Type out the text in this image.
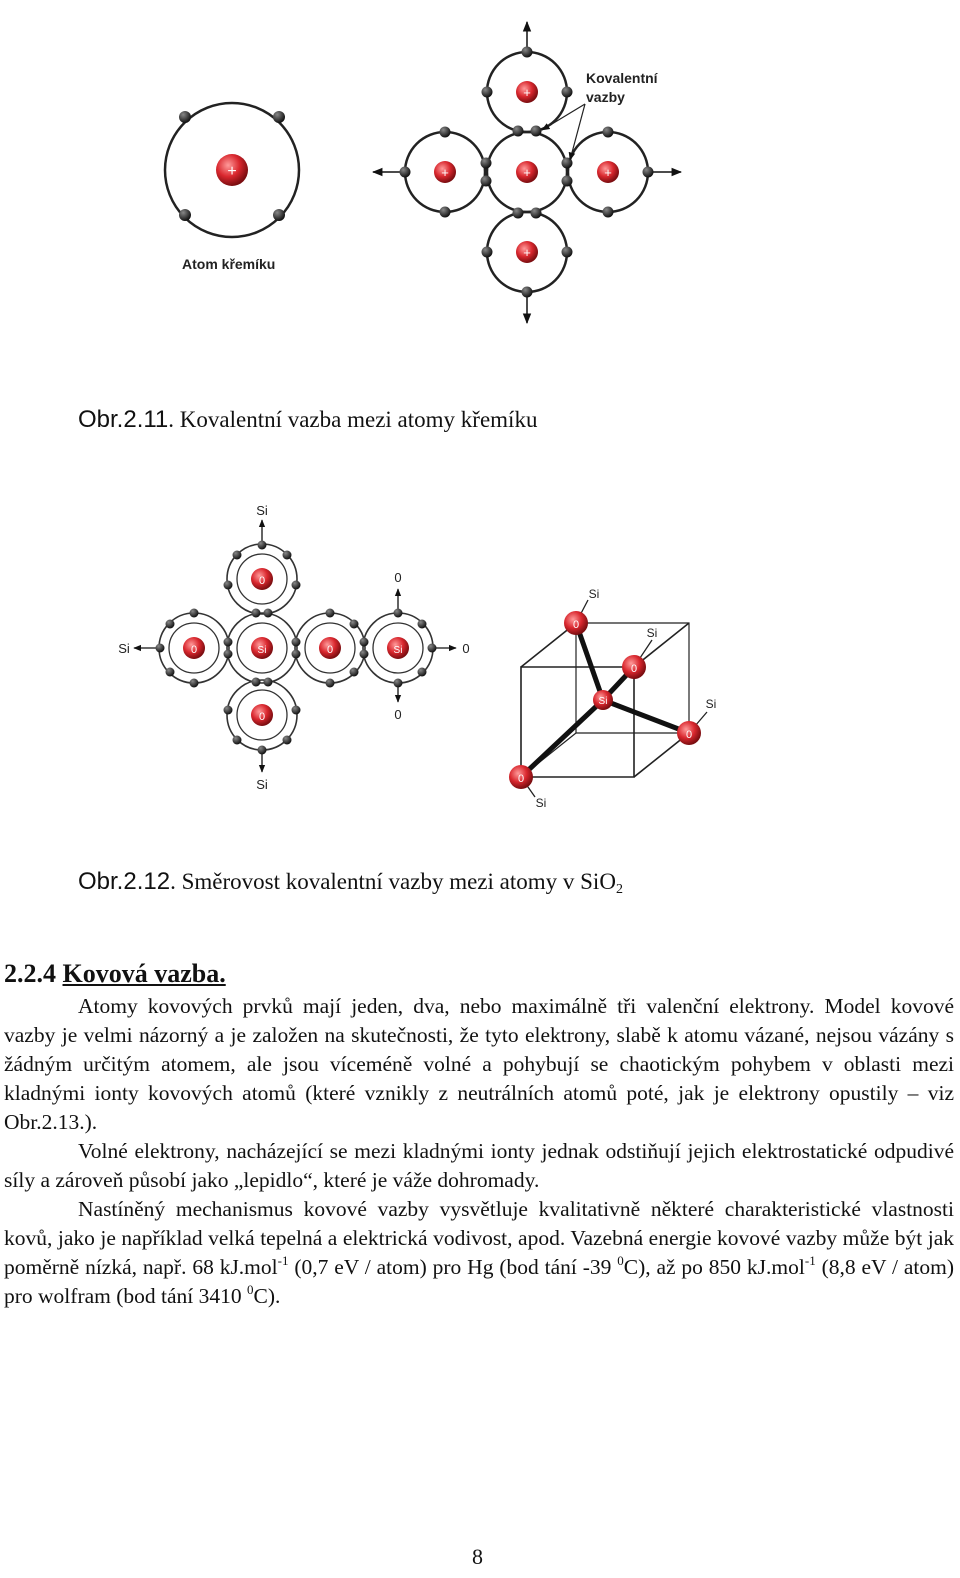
+
Atom křemíku
+
+
+
+	+
Kovalentní
vazby
Obr.2.11. Kovalentní vazba mezi atomy křemíku
Si
Si
Si	0
0
0
0
0
0	Si	0	Si
0
0
0
0
Si
Si
Si
Si
Si
Obr.2.12. Směrovost kovalentní vazby mezi atomy v SiO$_2$
2.2.4 Kovová vazba.

Atomy kovových prvků mají jeden, dva, nebo maximálně tři valenční elektrony. Model kovové vazby je velmi názorný a je založen na skutečnosti, že tyto elektrony, slabě k atomu vázané, nejsou vázány s žádným určitým atomem, ale jsou víceméně volné a pohybují se chaotickým pohybem v oblasti mezi kladnými ionty kovových atomů (které vznikly z neutrálních atomů poté, jak je elektrony opustily – viz Obr.2.13.).

Volné elektrony, nacházející se mezi kladnými ionty jednak odstiňují jejich elektrostatické odpudivé síly a zároveň působí jako „lepidlo“, které je váže dohromady.

Nastíněný mechanismus kovové vazby vysvětluje kvalitativně některé charakteristické vlastnosti kovů, jako je například velká tepelná a elektrická vodivost, apod. Vazebná energie kovové vazby může být jak poměrně nízká, např. 68 kJ.mol$^{-1}$ (0,7 eV / atom) pro Hg (bod tání -39 $^0$C), až po 850 kJ.mol$^{-1}$ (8,8 eV / atom) pro wolfram (bod tání 3410 $^0$C).

8
